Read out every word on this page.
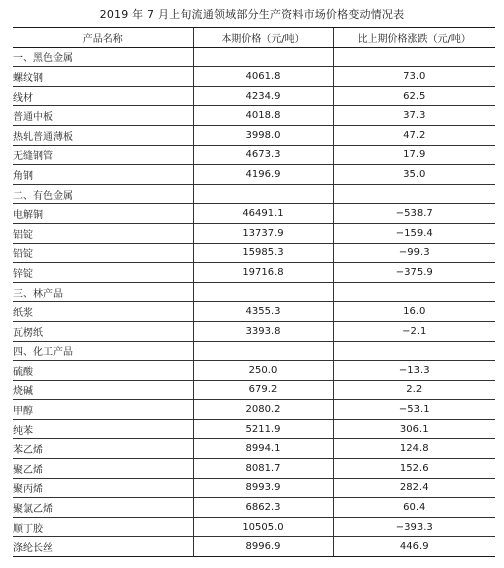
2019 年 7 月上旬流通领域部分生产资料市场价格变动情况表
产品名称	本期价格（元/吨）	比上期价格涨跌（元/吨）
一、黑色金属		
螺纹钢	4061.8	73.0
线材	4234.9	62.5
普通中板	4018.8	37.3
热轧普通薄板	3998.0	47.2
无缝钢管	4673.3	17.9
角钢	4196.9	35.0
二、有色金属		
电解铜	46491.1	−538.7
铝锭	13737.9	−159.4
铅锭	15985.3	−99.3
锌锭	19716.8	−375.9
三、林产品		
纸浆	4355.3	16.0
瓦楞纸	3393.8	−2.1
四、化工产品		
硫酸	250.0	−13.3
烧碱	679.2	2.2
甲醇	2080.2	−53.1
纯苯	5211.9	306.1
苯乙烯	8994.1	124.8
聚乙烯	8081.7	152.6
聚丙烯	8993.9	282.4
聚氯乙烯	6862.3	60.4
顺丁胶	10505.0	−393.3
涤纶长丝	8996.9	446.9
